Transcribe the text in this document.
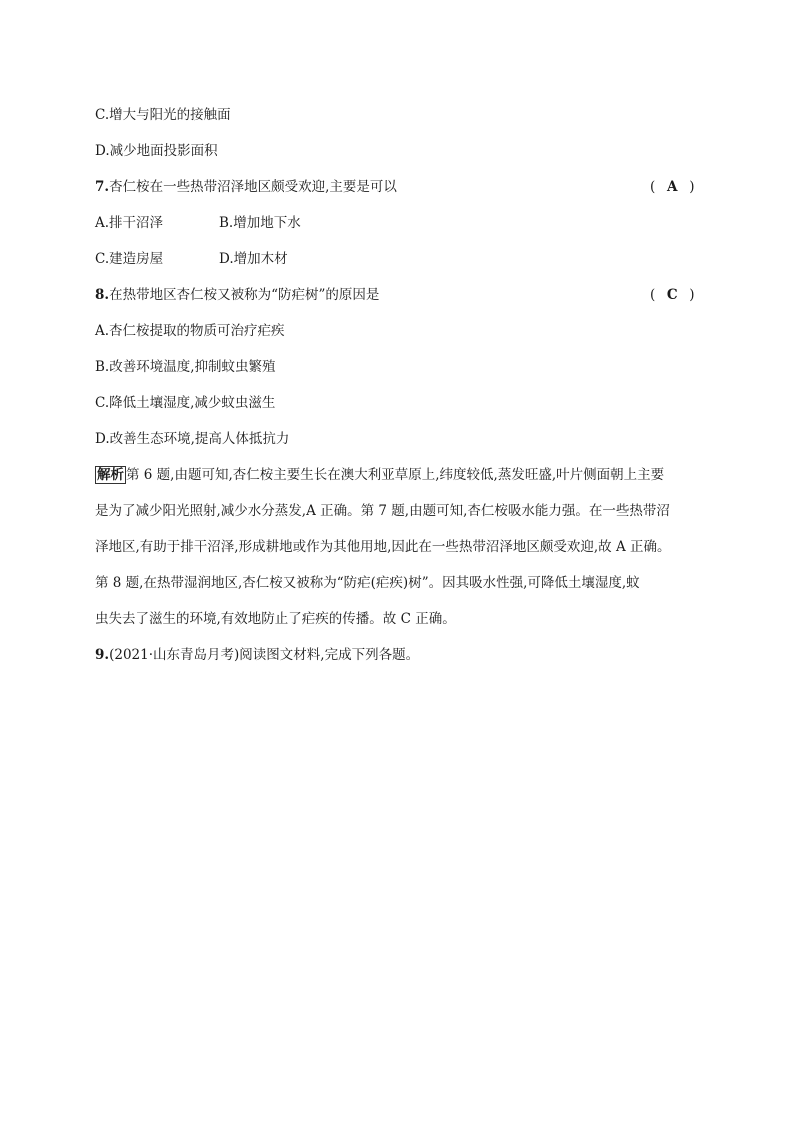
C.增大与阳光的接触面
D.减少地面投影面积
7.杏仁桉在一些热带沼泽地区颇受欢迎,主要是可以	( A )
A.排干沼泽	B.增加地下水
C.建造房屋	D.增加木材
8.在热带地区杏仁桉又被称为“防疟树”的原因是	( C )
A.杏仁桉提取的物质可治疗疟疾
B.改善环境温度,抑制蚊虫繁殖
C.降低土壤湿度,减少蚊虫滋生
D.改善生态环境,提高人体抵抗力
解析 第 6 题,由题可知,杏仁桉主要生长在澳大利亚草原上,纬度较低,蒸发旺盛,叶片侧面朝上主要
是为了减少阳光照射,减少水分蒸发,A 正确。第 7 题,由题可知,杏仁桉吸水能力强。在一些热带沼
泽地区,有助于排干沼泽,形成耕地或作为其他用地,因此在一些热带沼泽地区颇受欢迎,故 A 正确。
第 8 题,在热带湿润地区,杏仁桉又被称为“防疟(疟疾)树”。因其吸水性强,可降低土壤湿度,蚊
虫失去了滋生的环境,有效地防止了疟疾的传播。故 C 正确。
9.(2021·山东青岛月考)阅读图文材料,完成下列各题。
